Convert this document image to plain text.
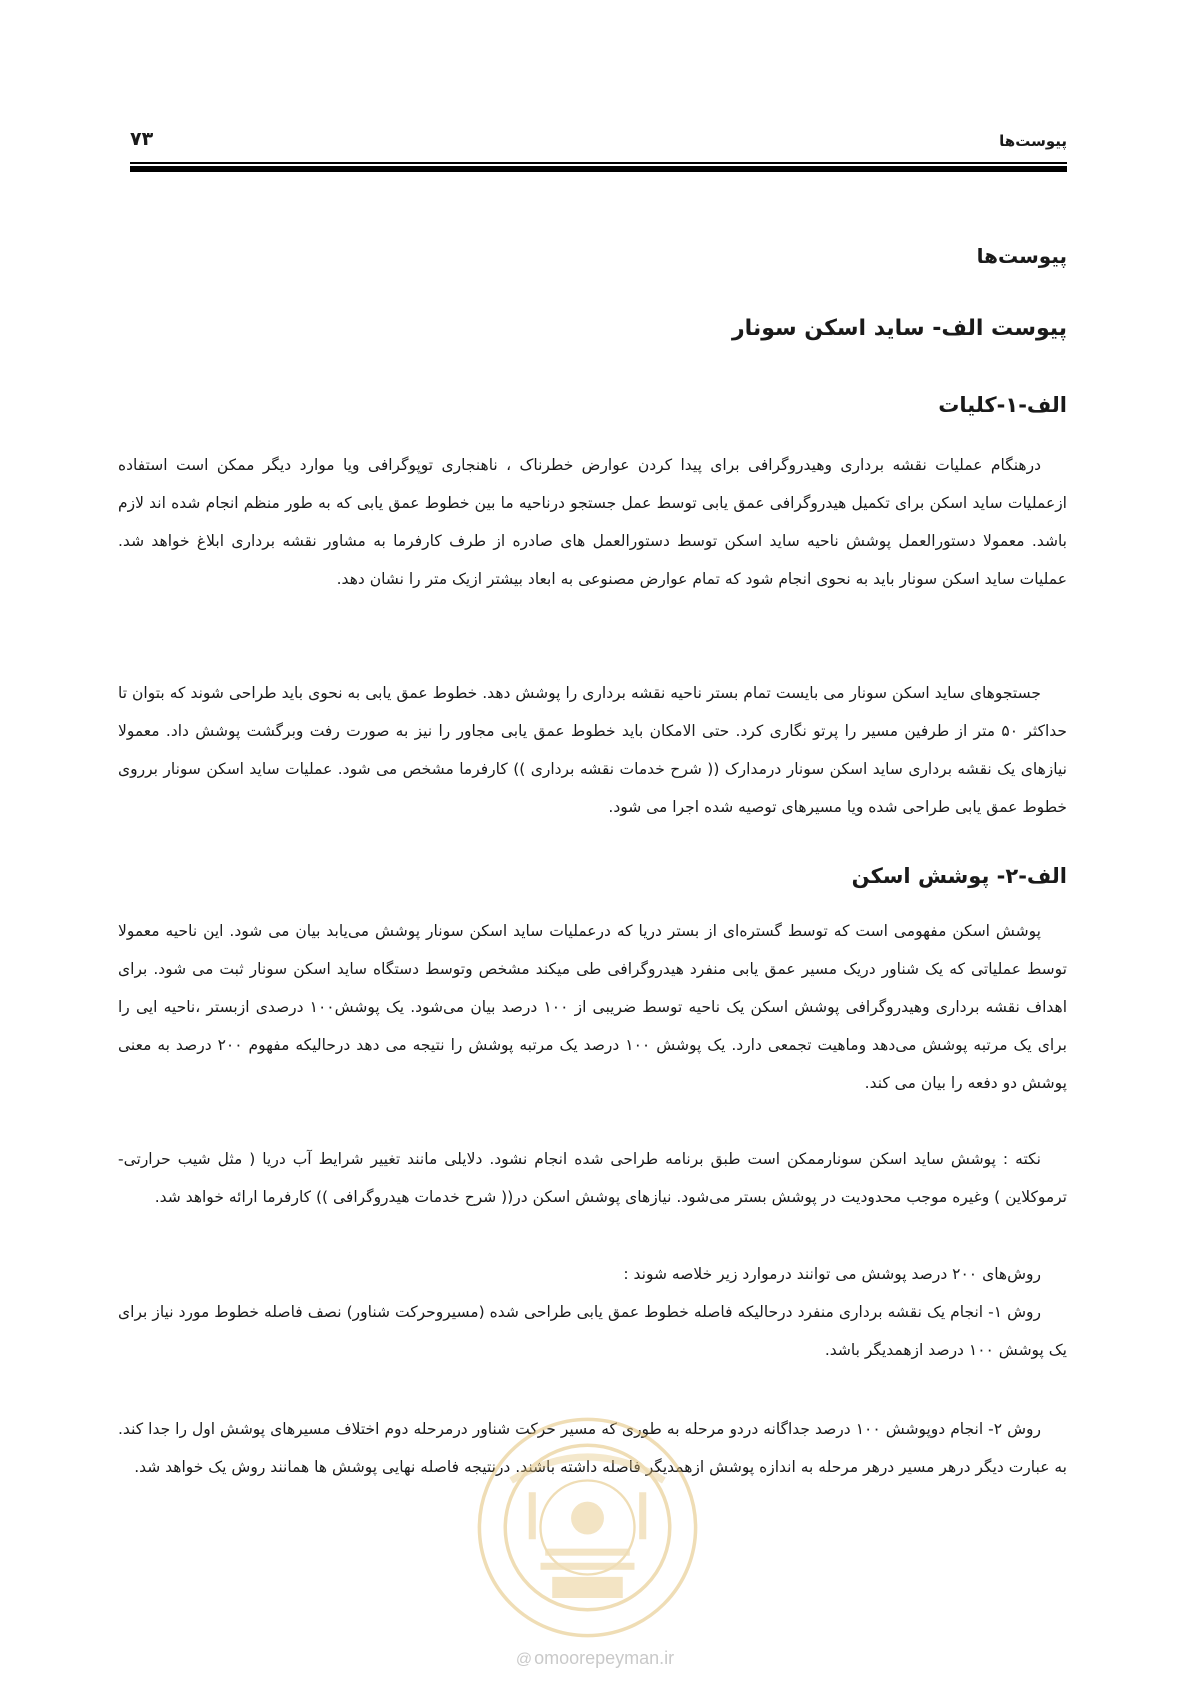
۷۳	پیوست‌ها
پیوست‌ها
پیوست الف- ساید اسکن سونار
الف-۱-کلیات

درهنگام عملیات نقشه برداری وهیدروگرافی برای پیدا کردن عوارض خطرناک ، ناهنجاری توپوگرافی ویا موارد دیگر ممکن است استفاده ازعملیات ساید اسکن برای تکمیل هیدروگرافی عمق یابی توسط عمل جستجو درناحیه ما بین خطوط عمق یابی که به طور منظم انجام شده اند لازم باشد. معمولا دستورالعمل پوشش ناحیه ساید اسکن توسط دستورالعمل های صادره از طرف کارفرما به مشاور نقشه برداری ابلاغ خواهد شد. عملیات ساید اسکن سونار باید به نحوی انجام شود که تمام عوارض مصنوعی به ابعاد بیشتر ازیک متر را نشان دهد.

جستجوهای ساید اسکن سونار می بایست تمام بستر ناحیه نقشه برداری را پوشش دهد. خطوط عمق یابی به نحوی باید طراحی شوند که بتوان تا حداکثر ۵۰ متر از طرفین مسیر را پرتو نگاری کرد. حتی الامکان باید خطوط عمق یابی مجاور را نیز به صورت رفت وبرگشت پوشش داد. معمولا نیازهای یک نقشه برداری ساید اسکن سونار درمدارک (( شرح خدمات نقشه برداری )) کارفرما مشخص می شود. عملیات ساید اسکن سونار برروی خطوط عمق یابی طراحی شده ویا مسیرهای توصیه شده اجرا می شود.

الف-۲- پوشش اسکن

پوشش اسکن مفهومی است که توسط گستره‌ای از بستر دریا که درعملیات ساید اسکن سونار پوشش می‌یابد بیان می شود. این ناحیه معمولا توسط عملیاتی که یک شناور دریک مسیر عمق یابی منفرد هیدروگرافی طی میکند مشخص وتوسط دستگاه ساید اسکن سونار ثبت می شود. برای اهداف نقشه برداری وهیدروگرافی پوشش اسکن یک ناحیه توسط ضریبی از ۱۰۰ درصد بیان می‌شود. یک پوشش۱۰۰ درصدی ازبستر ،ناحیه ایی را برای یک مرتبه پوشش می‌دهد وماهیت تجمعی دارد. یک پوشش ۱۰۰ درصد یک مرتبه پوشش را نتیجه می دهد درحالیکه مفهوم ۲۰۰ درصد به معنی پوشش دو دفعه را بیان می کند.

نکته : پوشش ساید اسکن سونارممکن است طبق برنامه طراحی شده انجام نشود. دلایلی مانند تغییر شرایط آب دریا ( مثل شیب حرارتی- ترموکلاین ) وغیره موجب محدودیت در پوشش بستر می‌شود. نیازهای پوشش اسکن در(( شرح خدمات هیدروگرافی )) کارفرما ارائه خواهد شد.

روش‌های ۲۰۰ درصد پوشش می توانند درموارد زیر خلاصه شوند :

روش ۱- انجام یک نقشه برداری منفرد درحالیکه فاصله خطوط عمق یابی طراحی شده (مسیروحرکت شناور) نصف فاصله خطوط مورد نیاز برای یک پوشش ۱۰۰ درصد ازهمدیگر باشد.

روش ۲- انجام دوپوشش ۱۰۰ درصد جداگانه دردو مرحله به طوری که مسیر حرکت شناور درمرحله دوم اختلاف مسیرهای پوشش اول را جدا کند. به عبارت دیگر درهر مسیر درهر مرحله به اندازه پوشش ازهمدیگر فاصله داشته باشند. درنتیجه فاصله نهایی پوشش ها همانند روش یک خواهد شد.

@ omoorepeyman.ir
